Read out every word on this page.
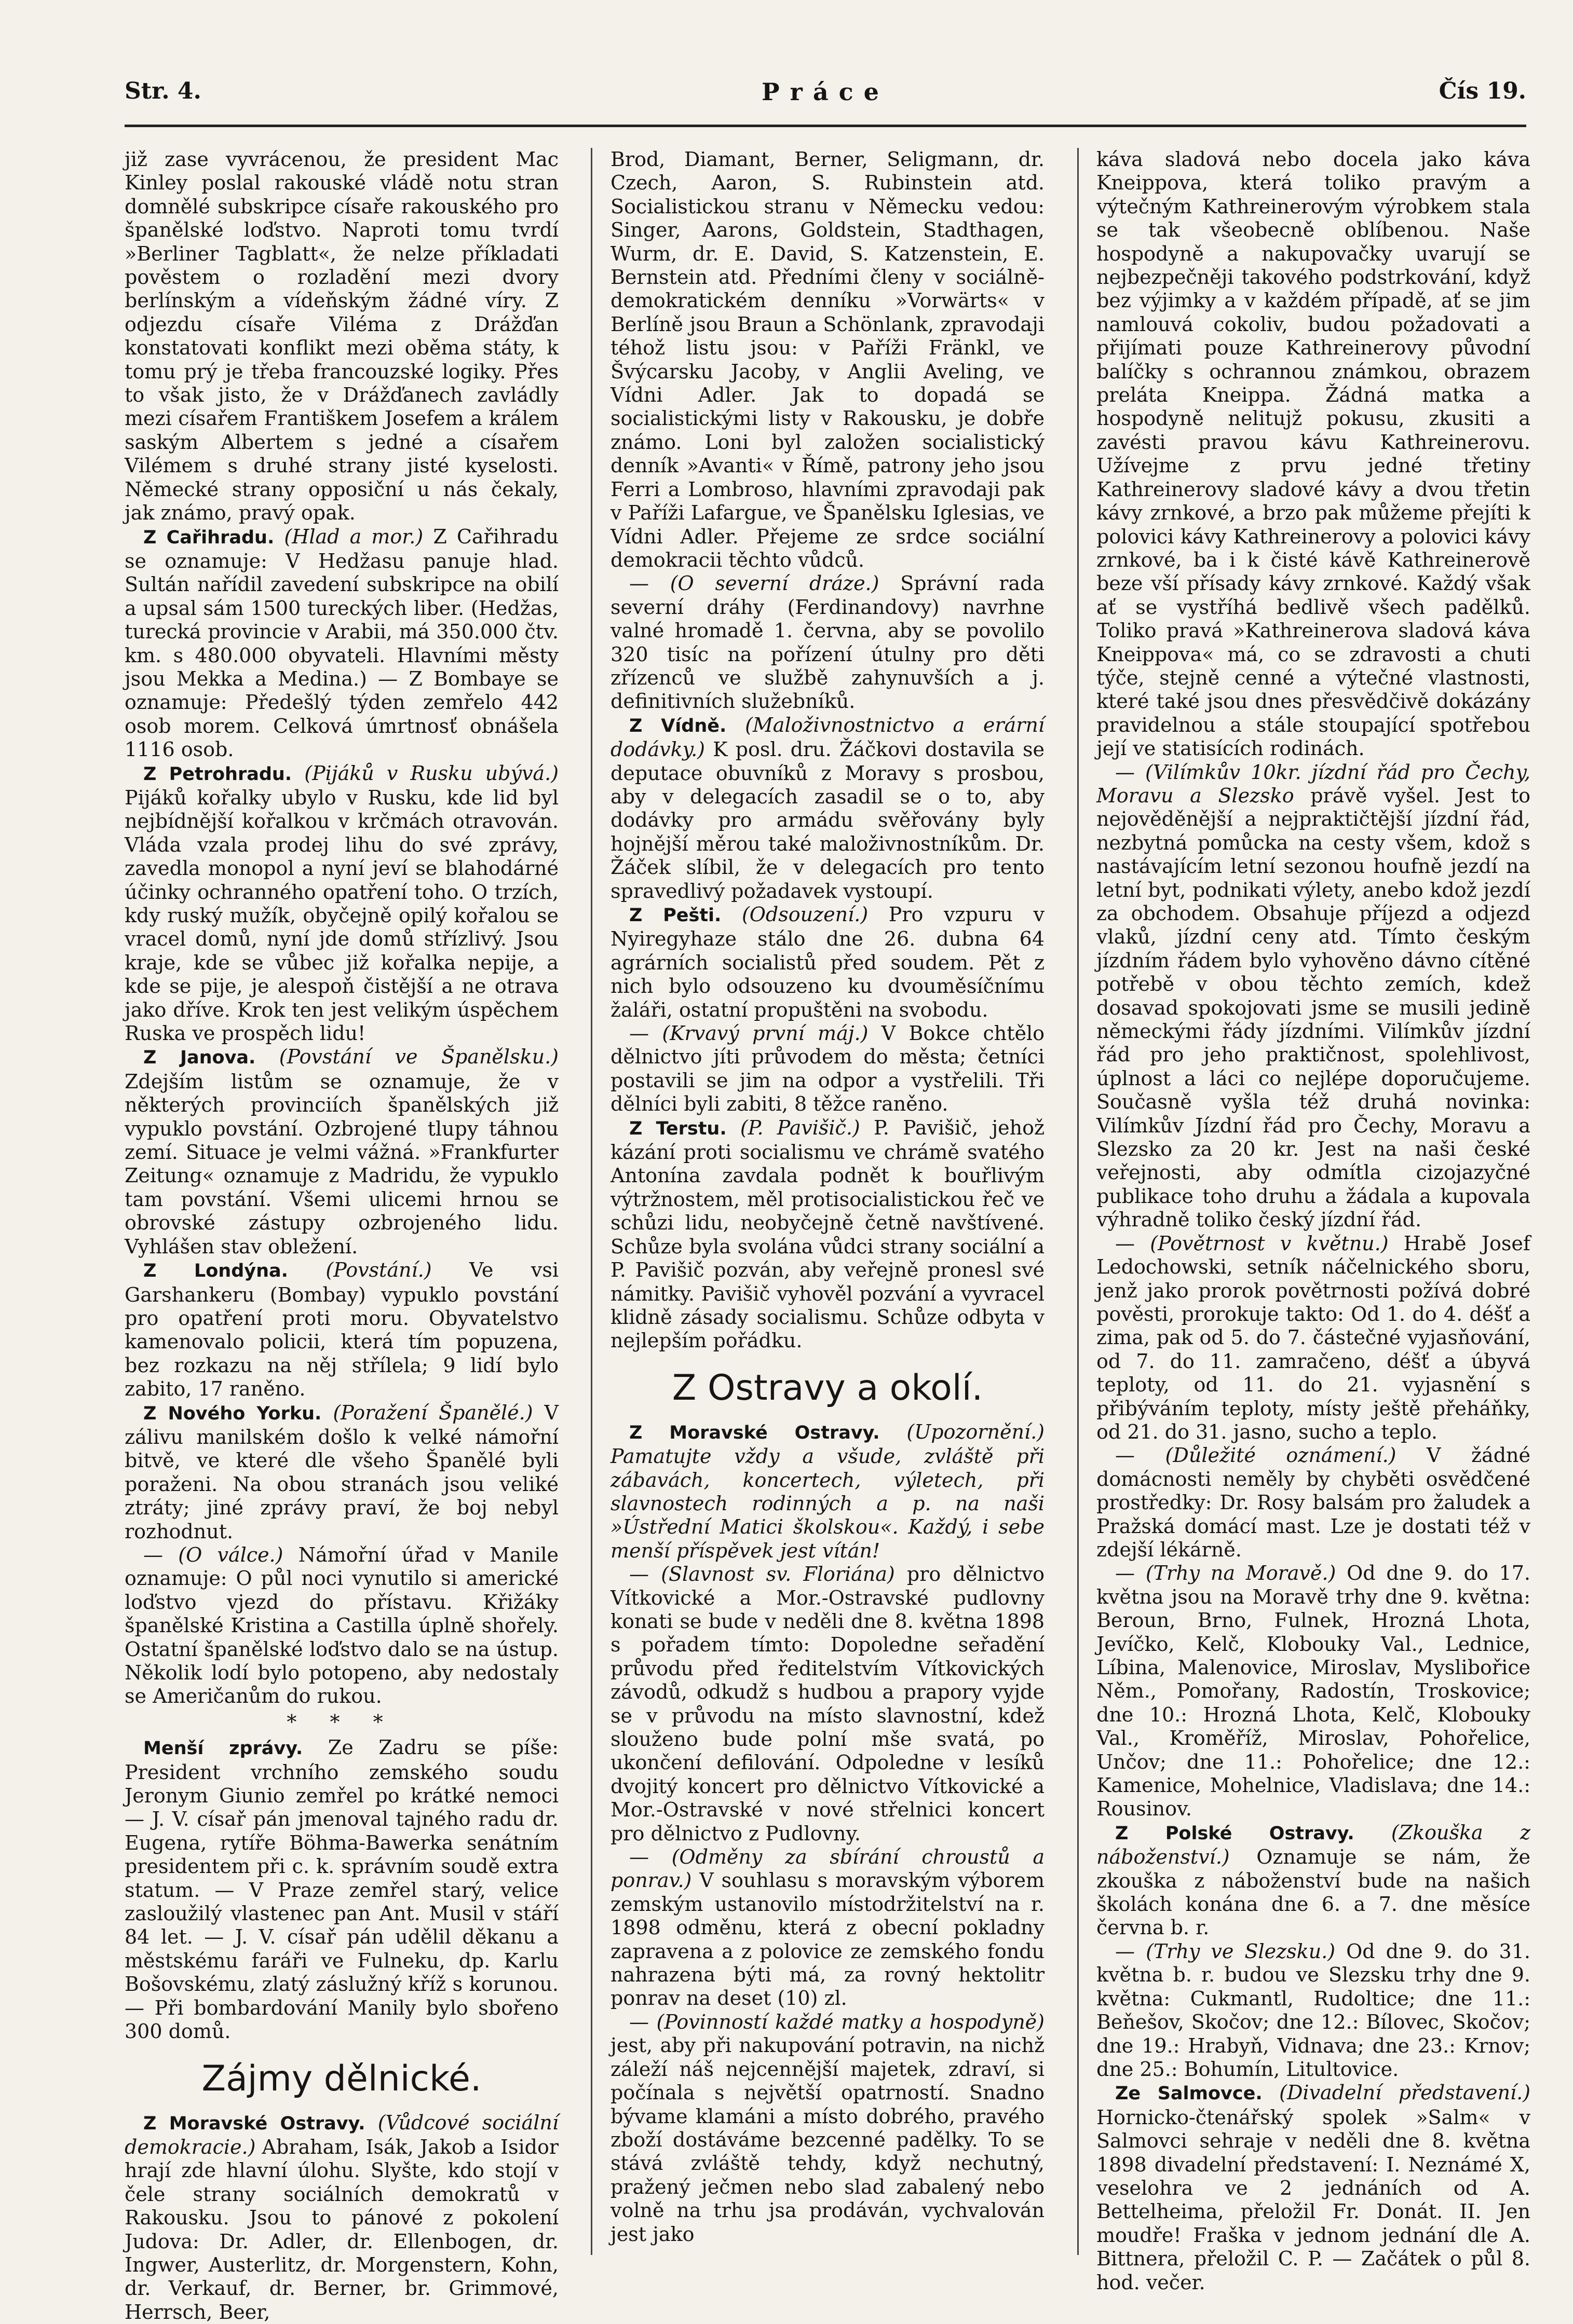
Str. 4.	Práce	Čís 19.

již zase vyvrácenou, že president Mac Kinley poslal rakouské vládě notu stran domnělé subskripce císaře rakouského pro španělské loďstvo. Naproti tomu tvrdí »Berliner Tagblatt«, že nelze příkladati pověstem o rozladění mezi dvory berlínským a vídeňským žádné víry. Z odjezdu císaře Viléma z Drážďan konstatovati konflikt mezi oběma státy, k tomu prý je třeba francouzské logiky. Přes to však jisto, že v Drážďanech zavládly mezi císařem Františkem Josefem a králem saským Albertem s jedné a císařem Vilémem s druhé strany jisté kyselosti. Německé strany opposiční u nás čekaly, jak známo, pravý opak.

Z Cařihradu. (Hlad a mor.) Z Cařihradu se oznamuje: V Hedžasu panuje hlad. Sultán nařídil zavedení subskripce na obilí a upsal sám 1500 tureckých liber. (Hedžas, turecká provincie v Arabii, má 350.000 čtv. km. s 480.000 obyvateli. Hlavními městy jsou Mekka a Medina.) — Z Bombaye se oznamuje: Předešlý týden zemřelo 442 osob morem. Celková úmrtnosť obnášela 1116 osob.

Z Petrohradu. (Pijáků v Rusku ubývá.) Pijáků kořalky ubylo v Rusku, kde lid byl nejbídnější kořalkou v krčmách otravován. Vláda vzala prodej lihu do své zprávy, zavedla monopol a nyní jeví se blahodárné účinky ochranného opatření toho. O trzích, kdy ruský mužík, obyčejně opilý kořalou se vracel domů, nyní jde domů střízlivý. Jsou kraje, kde se vůbec již kořalka nepije, a kde se pije, je alespoň čistější a ne otrava jako dříve. Krok ten jest velikým úspěchem Ruska ve prospěch lidu!

Z Janova. (Povstání ve Španělsku.) Zdejším listům se oznamuje, že v některých provinciích španělských již vypuklo povstání. Ozbrojené tlupy táhnou zemí. Situace je velmi vážná. »Frankfurter Zeitung« oznamuje z Madridu, že vypuklo tam povstání. Všemi ulicemi hrnou se obrovské zástupy ozbrojeného lidu. Vyhlášen stav obležení.

Z Londýna. (Povstání.) Ve vsi Garshankeru (Bombay) vypuklo povstání pro opatření proti moru. Obyvatelstvo kamenovalo policii, která tím popuzena, bez rozkazu na něj střílela; 9 lidí bylo zabito, 17 raněno.

Z Nového Yorku. (Poražení Španělé.) V zálivu manilském došlo k velké námořní bitvě, ve které dle všeho Španělé byli poraženi. Na obou stranách jsou veliké ztráty; jiné zprávy praví, že boj nebyl rozhodnut.

— (O válce.) Námořní úřad v Manile oznamuje: O půl noci vynutilo si americké loďstvo vjezd do přístavu. Křižáky španělské Kristina a Castilla úplně shořely. Ostatní španělské loďstvo dalo se na ústup. Několik lodí bylo potopeno, aby nedostaly se Američanům do rukou.

* * *

Menší zprávy. Ze Zadru se píše: President vrchního zemského soudu Jeronym Giunio zemřel po krátké nemoci — J. V. císař pán jmenoval tajného radu dr. Eugena, rytíře Böhma-Bawerka senátním presidentem při c. k. správním soudě extra statum. — V Praze zemřel starý, velice zasloužilý vlastenec pan Ant. Musil v stáří 84 let. — J. V. císař pán udělil děkanu a městskému faráři ve Fulneku, dp. Karlu Bošovskému, zlatý záslužný kříž s korunou. — Při bombardování Manily bylo sbořeno 300 domů.

Zájmy dělnické.

Z Moravské Ostravy. (Vůdcové sociální demokracie.) Abraham, Isák, Jakob a Isidor hrají zde hlavní úlohu. Slyšte, kdo stojí v čele strany sociálních demokratů v Rakousku. Jsou to pánové z pokolení Judova: Dr. Adler, dr. Ellenbogen, dr. Ingwer, Austerlitz, dr. Morgenstern, Kohn, dr. Verkauf, dr. Berner, br. Grimmové, Herrsch, Beer,

Brod, Diamant, Berner, Seligmann, dr. Czech, Aaron, S. Rubinstein atd. Socialistickou stranu v Německu vedou: Singer, Aarons, Goldstein, Stadthagen, Wurm, dr. E. David, S. Katzenstein, E. Bernstein atd. Předními členy v sociálně-demokratickém denníku »Vorwärts« v Berlíně jsou Braun a Schönlank, zpravodaji téhož listu jsou: v Paříži Fränkl, ve Švýcarsku Jacoby, v Anglii Aveling, ve Vídni Adler. Jak to dopadá se socialistickými listy v Rakousku, je dobře známo. Loni byl založen socialistický denník »Avanti« v Římě, patrony jeho jsou Ferri a Lombroso, hlavními zpravodaji pak v Paříži Lafargue, ve Španělsku Iglesias, ve Vídni Adler. Přejeme ze srdce sociální demokracii těchto vůdců.

— (O severní dráze.) Správní rada severní dráhy (Ferdinandovy) navrhne valné hromadě 1. června, aby se povolilo 320 tisíc na pořízení útulny pro děti zřízenců ve službě zahynuvších a j. definitivních služebníků.

Z Vídně. (Maloživnostnictvo a erární dodávky.) K posl. dru. Žáčkovi dostavila se deputace obuvníků z Moravy s prosbou, aby v delegacích zasadil se o to, aby dodávky pro armádu svěřovány byly hojnější měrou také maloživnostníkům. Dr. Žáček slíbil, že v delegacích pro tento spravedlivý požadavek vystoupí.

Z Pešti. (Odsouzení.) Pro vzpuru v Nyiregyhaze stálo dne 26. dubna 64 agrárních socialistů před soudem. Pět z nich bylo odsouzeno ku dvouměsíčnímu žaláři, ostatní propuštěni na svobodu.

— (Krvavý první máj.) V Bokce chtělo dělnictvo jíti průvodem do města; četníci postavili se jim na odpor a vystřelili. Tři dělníci byli zabiti, 8 těžce raněno.

Z Terstu. (P. Pavišič.) P. Pavišič, jehož kázání proti socialismu ve chrámě svatého Antonína zavdala podnět k bouřlivým výtržnostem, měl protisocialistickou řeč ve schůzi lidu, neobyčejně četně navštívené. Schůze byla svolána vůdci strany sociální a P. Pavišič pozván, aby veřejně pronesl své námitky. Pavišič vyhověl pozvání a vyvracel klidně zásady socialismu. Schůze odbyta v nejlepším pořádku.

Z Ostravy a okolí.

Z Moravské Ostravy. (Upozornění.) Pamatujte vždy a všude, zvláště při zábavách, koncertech, výletech, při slavnostech rodinných a p. na naši »Ústřední Matici školskou«. Každý, i sebe menší příspěvek jest vítán!

— (Slavnost sv. Floriána) pro dělnictvo Vítkovické a Mor.-Ostravské pudlovny konati se bude v neděli dne 8. května 1898 s pořadem tímto: Dopoledne seřadění průvodu před ředitelstvím Vítkovických závodů, odkudž s hudbou a prapory vyjde se v průvodu na místo slavnostní, kdež slouženo bude polní mše svatá, po ukončení defilování. Odpoledne v lesíků dvojitý koncert pro dělnictvo Vítkovické a Mor.-Ostravské v nové střelnici koncert pro dělnictvo z Pudlovny.

— (Odměny za sbírání chroustů a ponrav.) V souhlasu s moravským výborem zemským ustanovilo místodržitelství na r. 1898 odměnu, která z obecní pokladny zapravena a z polovice ze zemského fondu nahrazena býti má, za rovný hektolitr ponrav na deset (10) zl.

— (Povinností každé matky a hospodyně) jest, aby při nakupování potravin, na nichž záleží náš nejcennější majetek, zdraví, si počínala s největší opatrností. Snadno bývame klamáni a místo dobrého, pravého zboží dostáváme bezcenné padělky. To se stává zvláště tehdy, když nechutný, pražený ječmen nebo slad zabalený nebo volně na trhu jsa prodáván, vychvalován jest jako

káva sladová nebo docela jako káva Kneippova, která toliko pravým a výtečným Kathreinerovým výrobkem stala se tak všeobecně oblíbenou. Naše hospodyně a nakupovačky uvarují se nejbezpečněji takového podstrkování, když bez výjimky a v každém případě, ať se jim namlouvá cokoliv, budou požadovati a přijímati pouze Kathreinerovy původní balíčky s ochrannou známkou, obrazem preláta Kneippa. Žádná matka a hospodyně nelitujž pokusu, zkusiti a zavésti pravou kávu Kathreinerovu. Užívejme z prvu jedné třetiny Kathreinerovy sladové kávy a dvou třetin kávy zrnkové, a brzo pak můžeme přejíti k polovici kávy Kathreinerovy a polovici kávy zrnkové, ba i k čisté kávě Kathreinerově beze vší přísady kávy zrnkové. Každý však ať se vystříhá bedlivě všech padělků. Toliko pravá »Kathreinerova sladová káva Kneippova« má, co se zdravosti a chuti týče, stejně cenné a výtečné vlastnosti, které také jsou dnes přesvědčivě dokázány pravidelnou a stále stoupající spotřebou její ve statisících rodinách.

— (Vilímkův 10kr. jízdní řád pro Čechy, Moravu a Slezsko právě vyšel. Jest to nejověděnější a nejpraktičtější jízdní řád, nezbytná pomůcka na cesty všem, kdož s nastávajícím letní sezonou houfně jezdí na letní byt, podnikati výlety, anebo kdož jezdí za obchodem. Obsahuje příjezd a odjezd vlaků, jízdní ceny atd. Tímto českým jízdním řádem bylo vyhověno dávno cítěné potřebě v obou těchto zemích, kdež dosavad spokojovati jsme se musili jedině německými řády jízdními. Vilímkův jízdní řád pro jeho praktičnost, spolehlivost, úplnost a láci co nejlépe doporučujeme. Současně vyšla též druhá novinka: Vilímkův Jízdní řád pro Čechy, Moravu a Slezsko za 20 kr. Jest na naši české veřejnosti, aby odmítla cizojazyčné publikace toho druhu a žádala a kupovala výhradně toliko český jízdní řád.

— (Povětrnost v květnu.) Hrabě Josef Ledochowski, setník náčelnického sboru, jenž jako prorok povětrnosti požívá dobré pověsti, prorokuje takto: Od 1. do 4. déšť a zima, pak od 5. do 7. částečné vyjasňování, od 7. do 11. zamračeno, déšť a úbyvá teploty, od 11. do 21. vyjasnění s přibýváním teploty, místy ještě přeháňky, od 21. do 31. jasno, sucho a teplo.

— (Důležité oznámení.) V žádné domácnosti neměly by chyběti osvědčené prostředky: Dr. Rosy balsám pro žaludek a Pražská domácí mast. Lze je dostati též v zdejší lékárně.

— (Trhy na Moravě.) Od dne 9. do 17. května jsou na Moravě trhy dne 9. května: Beroun, Brno, Fulnek, Hrozná Lhota, Jevíčko, Kelč, Klobouky Val., Lednice, Líbina, Malenovice, Miroslav, Myslibořice Něm., Pomořany, Radostín, Troskovice; dne 10.: Hrozná Lhota, Kelč, Klobouky Val., Kroměříž, Miroslav, Pohořelice, Unčov; dne 11.: Pohořelice; dne 12.: Kamenice, Mohelnice, Vladislava; dne 14.: Rousinov.

Z Polské Ostravy. (Zkouška z náboženství.) Oznamuje se nám, že zkouška z náboženství bude na našich školách konána dne 6. a 7. dne měsíce června b. r.

— (Trhy ve Slezsku.) Od dne 9. do 31. května b. r. budou ve Slezsku trhy dne 9. května: Cukmantl, Rudoltice; dne 11.: Beňešov, Skočov; dne 12.: Bílovec, Skočov; dne 19.: Hrabyň, Vidnava; dne 23.: Krnov; dne 25.: Bohumín, Litultovice.

Ze Salmovce. (Divadelní představení.) Hornicko-čtenářský spolek »Salm« v Salmovci sehraje v neděli dne 8. května 1898 divadelní představení: I. Neznámé X, veselohra ve 2 jednáních od A. Bettelheima, přeložil Fr. Donát. II. Jen moudře! Fraška v jednom jednání dle A. Bittnera, přeložil C. P. — Začátek o půl 8. hod. večer.
